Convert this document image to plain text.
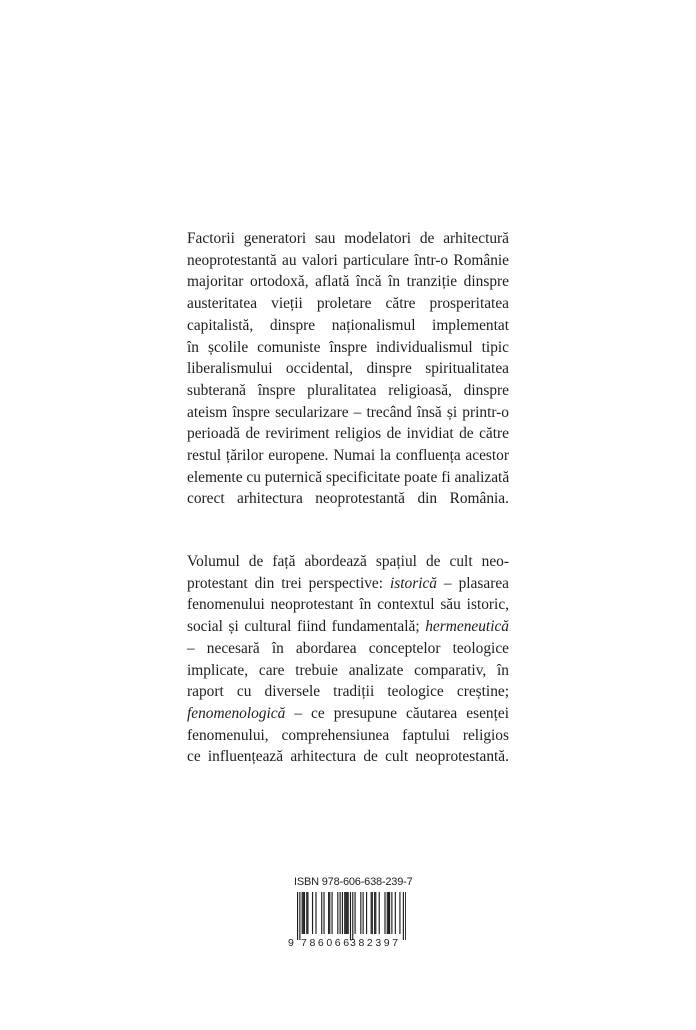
Factorii generatori sau modelatori de arhitectură
neoprotestantă au valori particulare într-o Românie
majoritar ortodoxă, aflată încă în tranziție dinspre
austeritatea vieții proletare către prosperitatea
capitalistă, dinspre naționalismul implementat
în școlile comuniste înspre individualismul tipic
liberalismului occidental, dinspre spiritualitatea
subterană înspre pluralitatea religioasă, dinspre
ateism înspre secularizare – trecând însă și printr-o
perioadă de reviriment religios de invidiat de către
restul țărilor europene. Numai la confluența acestor
elemente cu puternică specificitate poate fi analizată
corect arhitectura neoprotestantă din România.
Volumul de față abordează spațiul de cult neo-
protestant din trei perspective: istorică – plasarea
fenomenului neoprotestant în contextul său istoric,
social și cultural fiind fundamentală; hermeneutică
– necesară în abordarea conceptelor teologice
implicate, care trebuie analizate comparativ, în
raport cu diversele tradiții teologice creștine;
fenomenologică – ce presupune căutarea esenței
fenomenului, comprehensiunea faptului religios
ce influențează arhitectura de cult neoprotestantă.
ISBN 978-606-638-239-7
9 786066
382397
